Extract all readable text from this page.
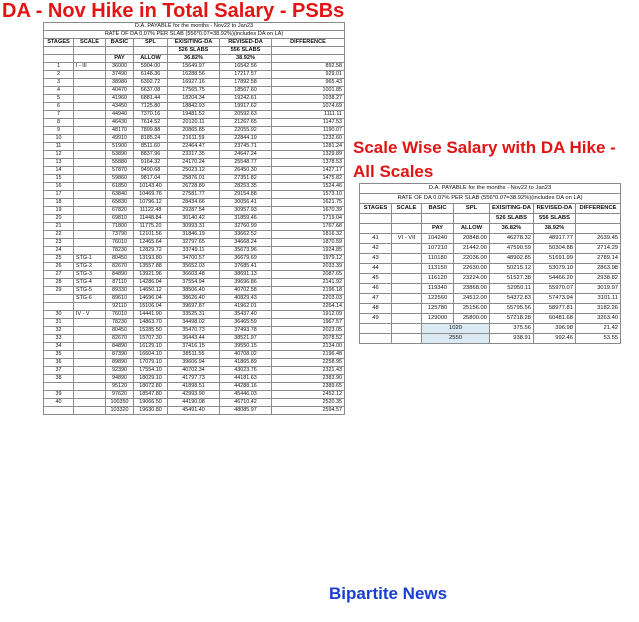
DA - Nov Hike in Total Salary - PSBs
Scale Wise Salary with DA Hike - All Scales
Bipartite News
D.A. PAYABLE for the months - Nov22 to Jan23						
RATE OF DA 0.07% PER SLAB (556*0.07=38.92%)(includes DA on LA)						
STAGES	SCALE	BASIC	SPL	EXISITING-DA	REVISED-DA	DIFFERENCE
				526 SLABS	556 SLABS	
		PAY	ALLOW	36.82%	38.92%	
1	I - III	36000	5904.00	15649.97	16542.56	892.58
2		37490	6148.36	16288.56	17217.57	929.01
3		38980	6392.72	16927.16	17892.58	965.43
4		40470	6637.08	17565.75	18567.60	1001.85
5		41960	6881.44	18204.34	19242.61	1038.27
6		43450	7125.80	18842.93	19917.62	1074.69
7		44940	7370.16	19481.52	20592.63	1111.11
8		46430	7614.52	20120.11	21267.65	1147.53
9		48170	7899.88	20865.85	22055.92	1190.07
10		49910	8185.24	21611.59	22844.19	1232.60
11		51900	8511.60	22464.47	23745.71	1281.24
12		53890	8837.96	23317.35	24647.24	1329.89
13		55880	9164.32	24170.24	25548.77	1378.53
14		57870	9490.68	25023.12	26450.30	1427.17
15		59860	9817.04	25876.01	27351.82	1475.82
16		61850	10143.40	26728.89	28253.35	1524.46
17		63840	10469.76	27581.77	29154.88	1573.10
18		65830	10796.12	28434.66	30056.41	1621.75
19		67820	11122.48	29287.54	30957.93	1670.39
20		69810	11448.84	30140.42	31859.46	1719.04
21		71800	11775.20	30993.31	32760.99	1767.68
22		73790	12101.56	31846.19	33662.52	1816.32
23		76010	12465.64	32797.65	34668.24	1870.59
24		78230	12829.72	33749.11	35673.96	1924.85
25	STG-1	80450	13193.80	34700.57	36679.69	1979.12
26	STG-2	82670	13557.88	35652.03	37685.41	2033.39
27	STG-3	84890	13921.96	36603.48	38691.13	2087.65
28	STG-4	87110	14286.04	37554.94	39696.86	2141.92
29	STG-5	89330	14650.12	38506.40	40702.58	2196.18
	STG-6	89610	14696.04	38626.40	40829.43	2203.03
		92110	15106.04	39697.87	41962.01	2264.14
30	IV - V	76010	14441.90	33525.31	35437.40	1912.09
31		78230	14863.70	34498.02	36465.59	1967.57
32		80450	15285.50	35470.73	37493.78	2023.05
33		82670	15707.30	36443.44	38521.97	2078.52
34		84890	16129.10	37416.15	39550.15	2134.00
35		87390	16604.10	38511.55	40708.02	2196.48
36		89890	17079.10	39606.94	41865.89	2258.95
37		92390	17554.10	40702.34	43023.76	2321.43
38		94890	18029.10	41797.73	44181.63	2383.90
		95120	18072.80	41898.51	44288.16	2389.65
39		97620	18547.80	42993.90	45446.03	2452.12
40		100350	19066.50	44190.08	46710.42	2520.35
		103320	19630.80	45491.40	48085.97	2594.57
D.A. PAYABLE for the months - Nov22 to Jan23						
RATE OF DA 0.07% PER SLAB (556*0.07=38.92%)(includes DA on LA)						
STAGES	SCALE	BASIC	SPL	EXISITING-DA	REVISED-DA	DIFFERENCE
				526 SLABS	556 SLABS	
		PAY	ALLOW	36.82%	38.92%	
41	VI - VII	104240	20848.00	46278.32	48917.77	2639.45
42		107210	21442.00	47590.59	50304.88	2714.29
43		110180	22036.00	48902.85	51691.99	2789.14
44		113150	22630.00	50215.12	53079.10	2863.98
45		116120	23224.00	51527.38	54466.20	2938.82
46		119340	23868.00	52950.11	55970.07	3019.97
47		122560	24512.00	54372.83	57473.94	3101.11
48		125780	25156.00	55795.56	58977.81	3182.26
49		129000	25800.00	57218.28	60481.68	3263.40
		1020		375.56	396.98	21.42
		2550		938.91	992.46	53.55
